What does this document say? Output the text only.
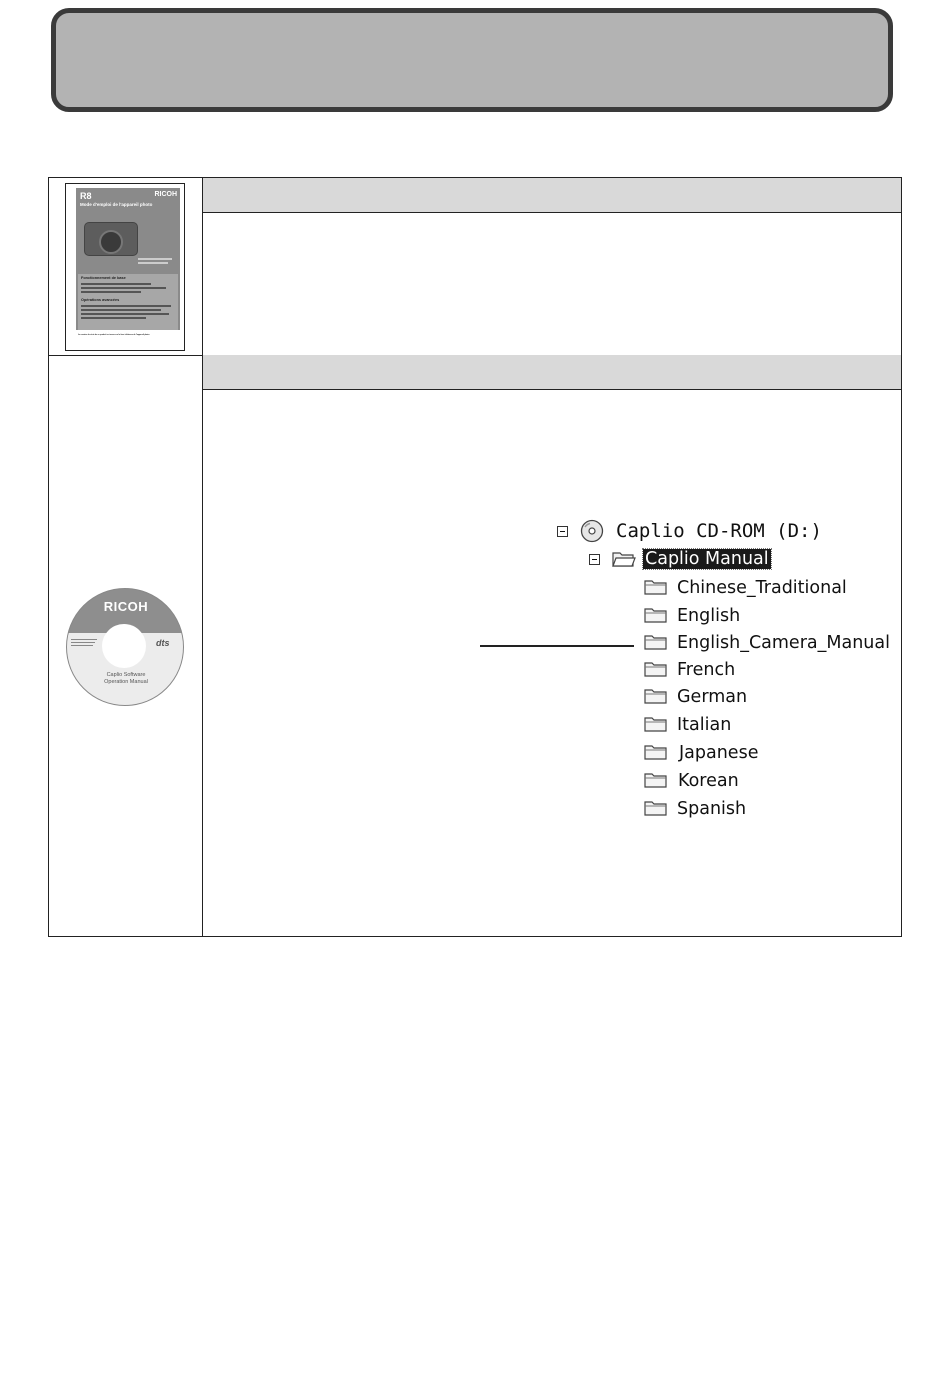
R8	RICOH
Mode d'emploi de l'appareil photo
Fonctionnement de base
Opérations avancées
Le numéro de série de ce produit se trouve sur la face inférieure de l'appareil photo.
RICOH
dts
Caplio Software
Operation Manual
Caplio CD-ROM (D:)
Caplio Manual
Chinese_Traditional
English
English_Camera_Manual
French
German
Italian
Japanese
Korean
Spanish
